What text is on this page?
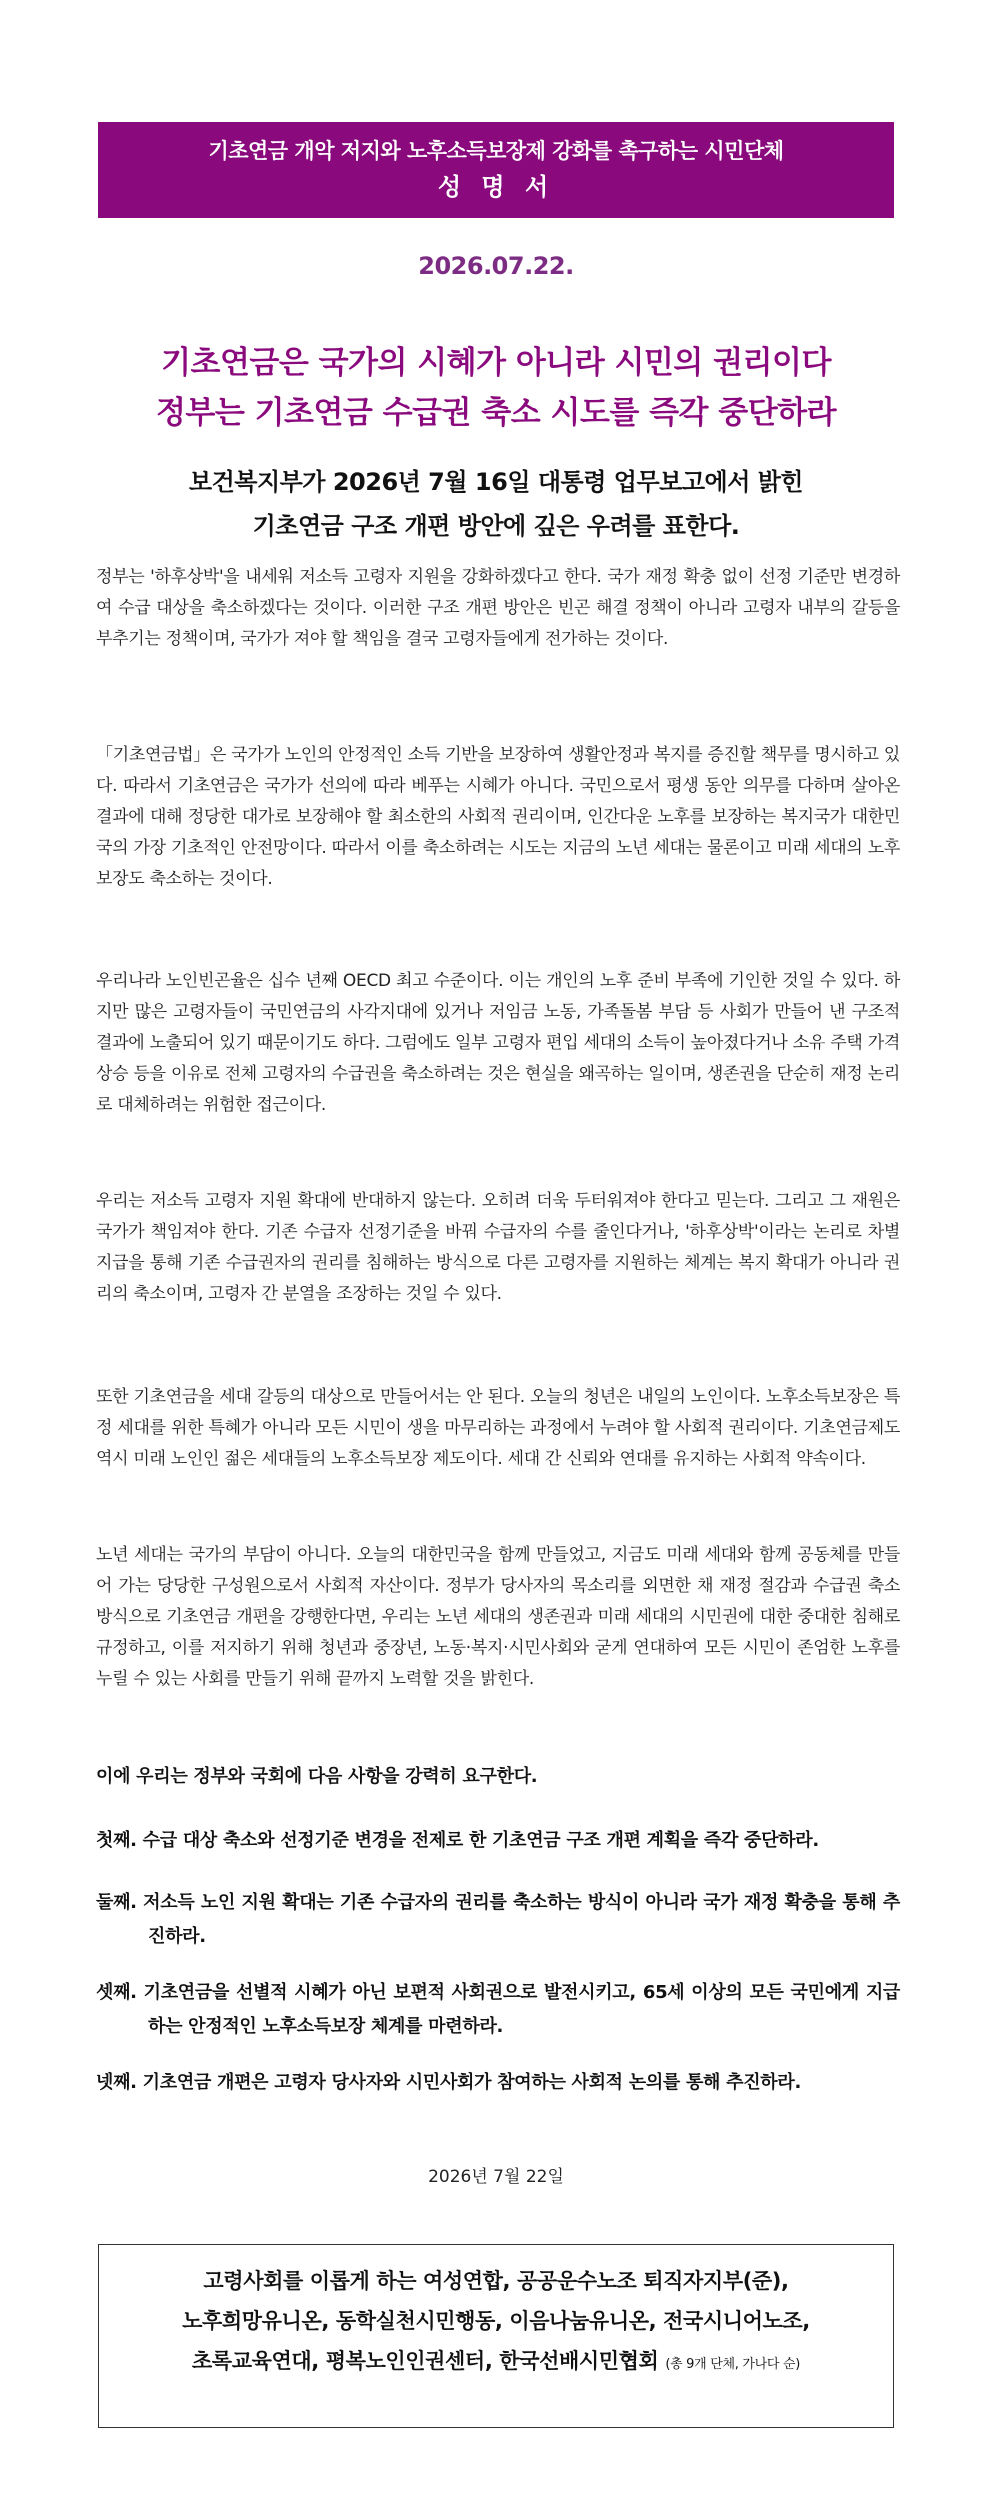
기초연금 개악 저지와 노후소득보장제 강화를 촉구하는 시민단체
성 명 서
2026.07.22.
기초연금은 국가의 시혜가 아니라 시민의 권리이다
정부는 기초연금 수급권 축소 시도를 즉각 중단하라
보건복지부가 2026년 7월 16일 대통령 업무보고에서 밝힌
기초연금 구조 개편 방안에 깊은 우려를 표한다.

정부는 '하후상박'을 내세워 저소득 고령자 지원을 강화하겠다고 한다. 국가 재정 확충 없이 선정 기준만 변경하여 수급 대상을 축소하겠다는 것이다. 이러한 구조 개편 방안은 빈곤 해결 정책이 아니라 고령자 내부의 갈등을 부추기는 정책이며, 국가가 져야 할 책임을 결국 고령자들에게 전가하는 것이다.

「기초연금법」은 국가가 노인의 안정적인 소득 기반을 보장하여 생활안정과 복지를 증진할 책무를 명시하고 있다. 따라서 기초연금은 국가가 선의에 따라 베푸는 시혜가 아니다. 국민으로서 평생 동안 의무를 다하며 살아온 결과에 대해 정당한 대가로 보장해야 할 최소한의 사회적 권리이며, 인간다운 노후를 보장하는 복지국가 대한민국의 가장 기초적인 안전망이다. 따라서 이를 축소하려는 시도는 지금의 노년 세대는 물론이고 미래 세대의 노후보장도 축소하는 것이다.

우리나라 노인빈곤율은 십수 년째 OECD 최고 수준이다. 이는 개인의 노후 준비 부족에 기인한 것일 수 있다. 하지만 많은 고령자들이 국민연금의 사각지대에 있거나 저임금 노동, 가족돌봄 부담 등 사회가 만들어 낸 구조적 결과에 노출되어 있기 때문이기도 하다. 그럼에도 일부 고령자 편입 세대의 소득이 높아졌다거나 소유 주택 가격 상승 등을 이유로 전체 고령자의 수급권을 축소하려는 것은 현실을 왜곡하는 일이며, 생존권을 단순히 재정 논리로 대체하려는 위험한 접근이다.

우리는 저소득 고령자 지원 확대에 반대하지 않는다. 오히려 더욱 두터워져야 한다고 믿는다. 그리고 그 재원은 국가가 책임져야 한다. 기존 수급자 선정기준을 바꿔 수급자의 수를 줄인다거나, '하후상박'이라는 논리로 차별 지급을 통해 기존 수급권자의 권리를 침해하는 방식으로 다른 고령자를 지원하는 체계는 복지 확대가 아니라 권리의 축소이며, 고령자 간 분열을 조장하는 것일 수 있다.

또한 기초연금을 세대 갈등의 대상으로 만들어서는 안 된다. 오늘의 청년은 내일의 노인이다. 노후소득보장은 특정 세대를 위한 특혜가 아니라 모든 시민이 생을 마무리하는 과정에서 누려야 할 사회적 권리이다. 기초연금제도 역시 미래 노인인 젊은 세대들의 노후소득보장 제도이다. 세대 간 신뢰와 연대를 유지하는 사회적 약속이다.

노년 세대는 국가의 부담이 아니다. 오늘의 대한민국을 함께 만들었고, 지금도 미래 세대와 함께 공동체를 만들어 가는 당당한 구성원으로서 사회적 자산이다. 정부가 당사자의 목소리를 외면한 채 재정 절감과 수급권 축소 방식으로 기초연금 개편을 강행한다면, 우리는 노년 세대의 생존권과 미래 세대의 시민권에 대한 중대한 침해로 규정하고, 이를 저지하기 위해 청년과 중장년, 노동·복지·시민사회와 굳게 연대하여 모든 시민이 존엄한 노후를 누릴 수 있는 사회를 만들기 위해 끝까지 노력할 것을 밝힌다.

이에 우리는 정부와 국회에 다음 사항을 강력히 요구한다.
첫째. 수급 대상 축소와 선정기준 변경을 전제로 한 기초연금 구조 개편 계획을 즉각 중단하라.
둘째. 저소득 노인 지원 확대는 기존 수급자의 권리를 축소하는 방식이 아니라 국가 재정 확충을 통해 추진하라.
셋째. 기초연금을 선별적 시혜가 아닌 보편적 사회권으로 발전시키고, 65세 이상의 모든 국민에게 지급하는 안정적인 노후소득보장 체계를 마련하라.
넷째. 기초연금 개편은 고령자 당사자와 시민사회가 참여하는 사회적 논의를 통해 추진하라.
2026년 7월 22일
고령사회를 이롭게 하는 여성연합, 공공운수노조 퇴직자지부(준),
노후희망유니온, 동학실천시민행동, 이음나눔유니온, 전국시니어노조,
초록교육연대, 평복노인인권센터, 한국선배시민협회 (총 9개 단체, 가나다 순)
